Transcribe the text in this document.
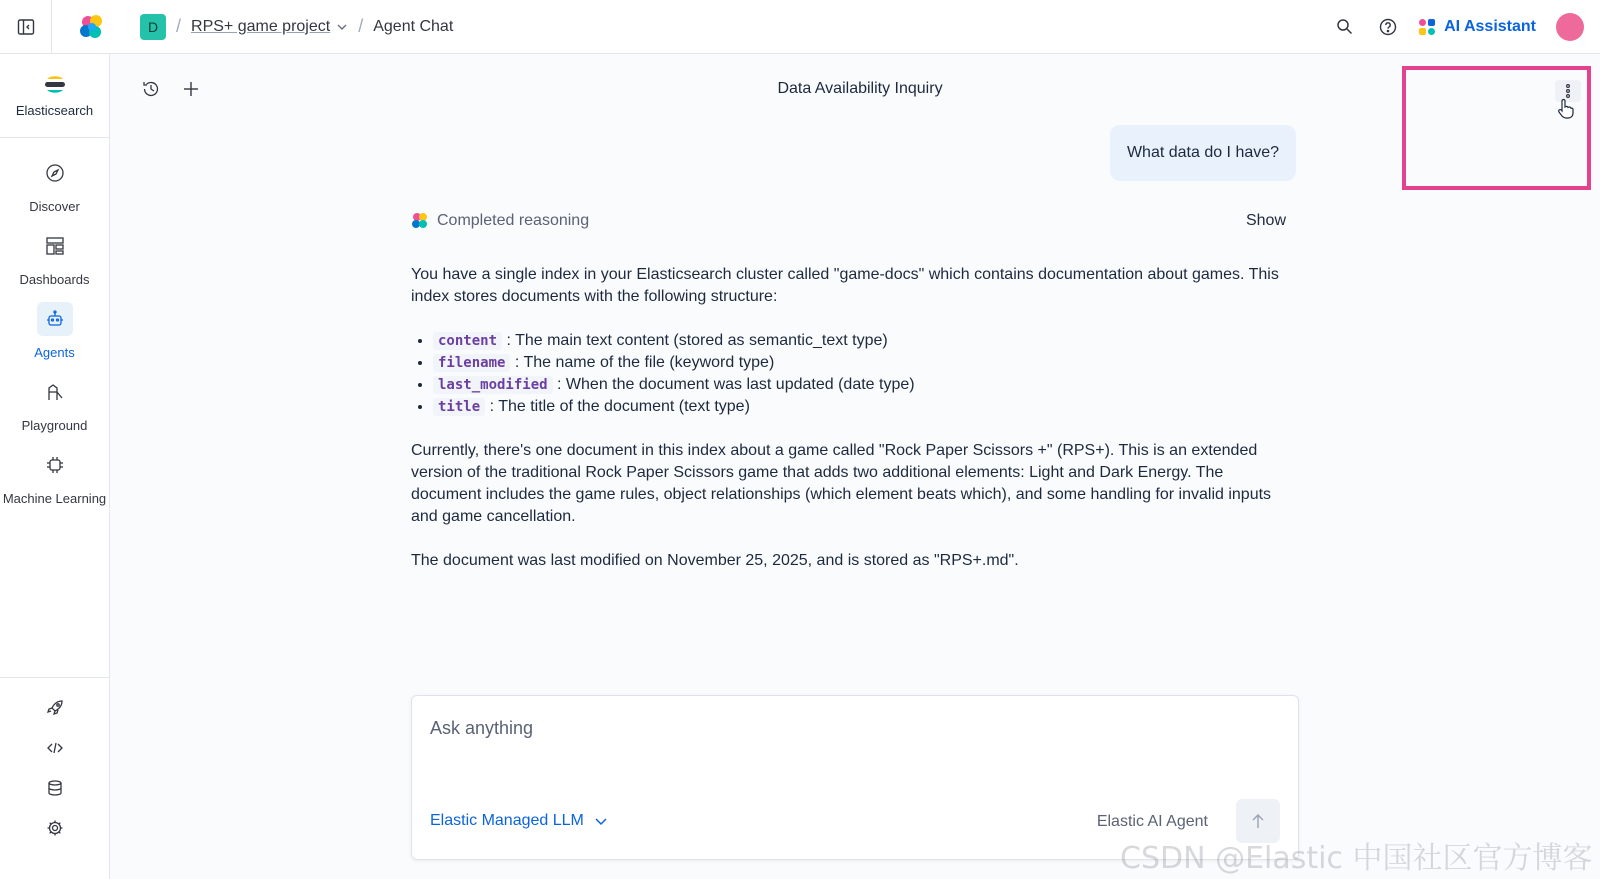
D / RPS+ game project / Agent Chat	AI Assistant
Elasticsearch
Discover
Dashboards
Agents
Playground
Machine Learning
Data Availability Inquiry
What data do I have?
Completed reasoning	Show

You have a single index in your Elasticsearch cluster called "game-docs" which contains documentation about games. This index stores documents with the following structure:

• content : The main text content (stored as semantic_text type)
• filename : The name of the file (keyword type)
• last_modified : When the document was last updated (date type)
• title : The title of the document (text type)

Currently, there's one document in this index about a game called "Rock Paper Scissors +" (RPS+). This is an extended version of the traditional Rock Paper Scissors game that adds two additional elements: Light and Dark Energy. The document includes the game rules, object relationships (which element beats which), and some handling for invalid inputs and game cancellation.

The document was last modified on November 25, 2025, and is stored as "RPS+.md".

Ask anything
Elastic Managed LLM	Elastic AI Agent
CSDN @Elastic 中国社区官方博客
